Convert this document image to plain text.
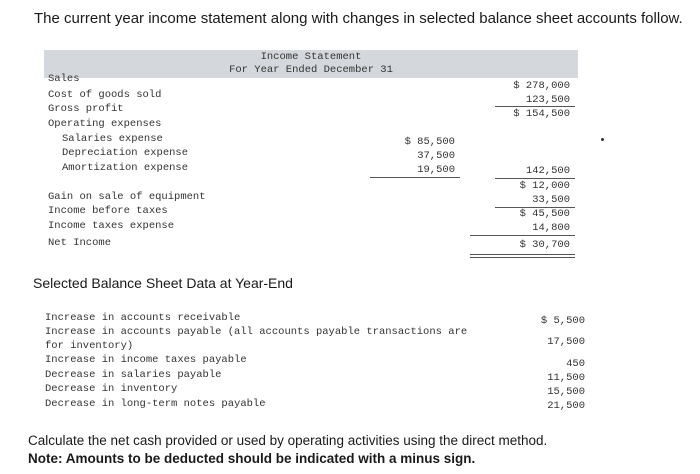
The current year income statement along with changes in selected balance sheet accounts follow.
Income Statement
For Year Ended December 31
Sales
Cost of goods sold
Gross profit
Operating expenses
Salaries expense
Depreciation expense
Amortization expense
Gain on sale of equipment
Income before taxes
Income taxes expense
Net Income
$ 85,500
37,500
19,500
$ 278,000
123,500
$ 154,500
142,500
$ 12,000
33,500
$ 45,500
14,800
$ 30,700
Selected Balance Sheet Data at Year-End
Increase in accounts receivable
Increase in accounts payable (all accounts payable transactions are
for inventory)
Increase in income taxes payable
Decrease in salaries payable
Decrease in inventory
Decrease in long-term notes payable
$ 5,500
17,500
450
11,500
15,500
21,500
Calculate the net cash provided or used by operating activities using the direct method.
Note: Amounts to be deducted should be indicated with a minus sign.
